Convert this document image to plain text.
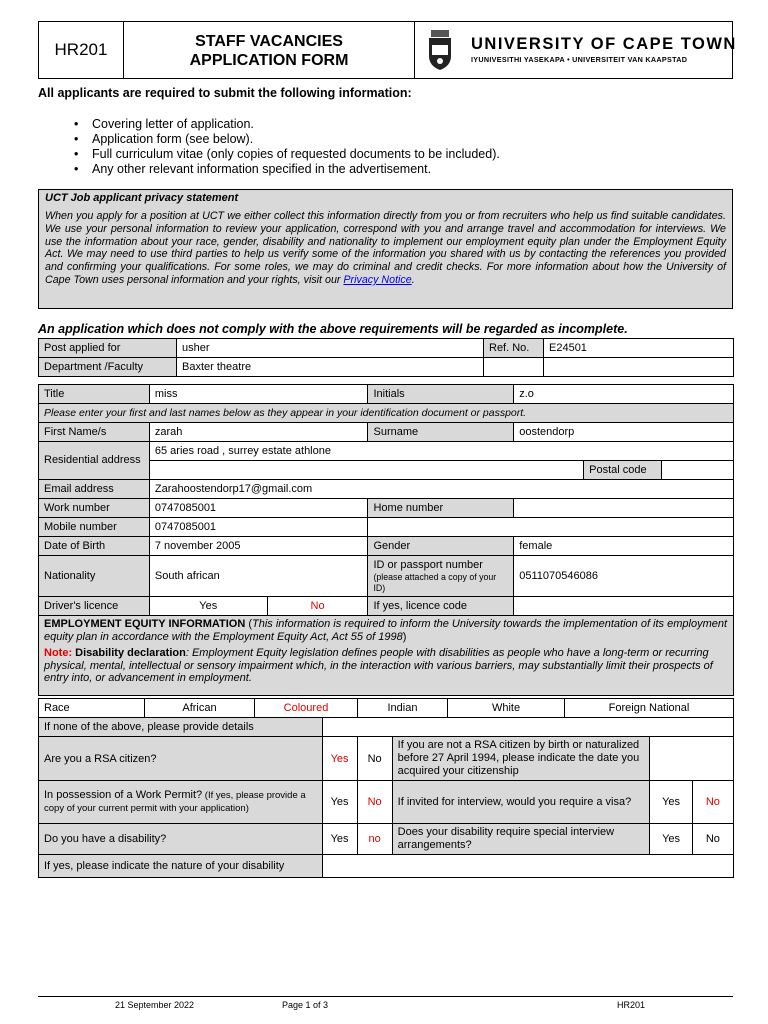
HR201	STAFF VACANCIES
APPLICATION FORM
UNIVERSITY OF CAPE TOWN
IYUNIVESITHI YASEKAPA • UNIVERSITEIT VAN KAAPSTAD
All applicants are required to submit the following information:
• Covering letter of application.
• Application form (see below).
• Full curriculum vitae (only copies of requested documents to be included).
• Any other relevant information specified in the advertisement.
UCT Job applicant privacy statement
When you apply for a position at UCT we either collect this information directly from you or from recruiters who help us find suitable candidates. We use your personal information to review your application, correspond with you and arrange travel and accommodation for interviews. We use the information about your race, gender, disability and nationality to implement our employment equity plan under the Employment Equity Act. We may need to use third parties to help us verify some of the information you shared with us by contacting the references you provided and confirming your qualifications. For some roles, we may do criminal and credit checks. For more information about how the University of Cape Town uses personal information and your rights, visit our Privacy Notice.
An application which does not comply with the above requirements will be regarded as incomplete.
Post applied for	usher	Ref. No.	E24501
Department /Faculty	Baxter theatre		
Title	miss		Initials	z.o		
Please enter your first and last names below as they appear in your identification document or passport.						
First Name/s	zarah		Surname	oostendorp		
Residential address	65 aries road , surrey estate athlone					
					Postal code	
Email address	Zarahoostendorp17@gmail.com					
Work number	0747085001		Home number			
Mobile number	0747085001					
Date of Birth	7 november 2005		Gender	female		
Nationality	South african		ID or passport number
(please attached a copy of your ID)	0511070546086		
Driver's licence	Yes	No	If yes, licence code			

EMPLOYMENT EQUITY INFORMATION (This information is required to inform the University towards the implementation of its employment equity plan in accordance with the Employment Equity Act, Act 55 of 1998)
Note: Disability declaration: Employment Equity legislation defines people with disabilities as people who have a long-term or recurring physical, mental, intellectual or sensory impairment which, in the interaction with various barriers, may substantially limit their prospects of entry into, or advancement in employment.						
Race	African	Coloured	Indian	White	Foreign National
If none of the above, please provide details					
Are you a RSA citizen?	Yes	No	If you are not a RSA citizen by birth or naturalized before 27 April 1994, please indicate the date you acquired your citizenship		
In possession of a Work Permit? (If yes, please provide a copy of your current permit with your application)	Yes	No	If invited for interview, would you require a visa?	Yes	No
Do you have a disability?	Yes	no	Does your disability require special interview arrangements?	Yes	No
If yes, please indicate the nature of your disability					
21 September 2022	Page 1 of 3	HR201
